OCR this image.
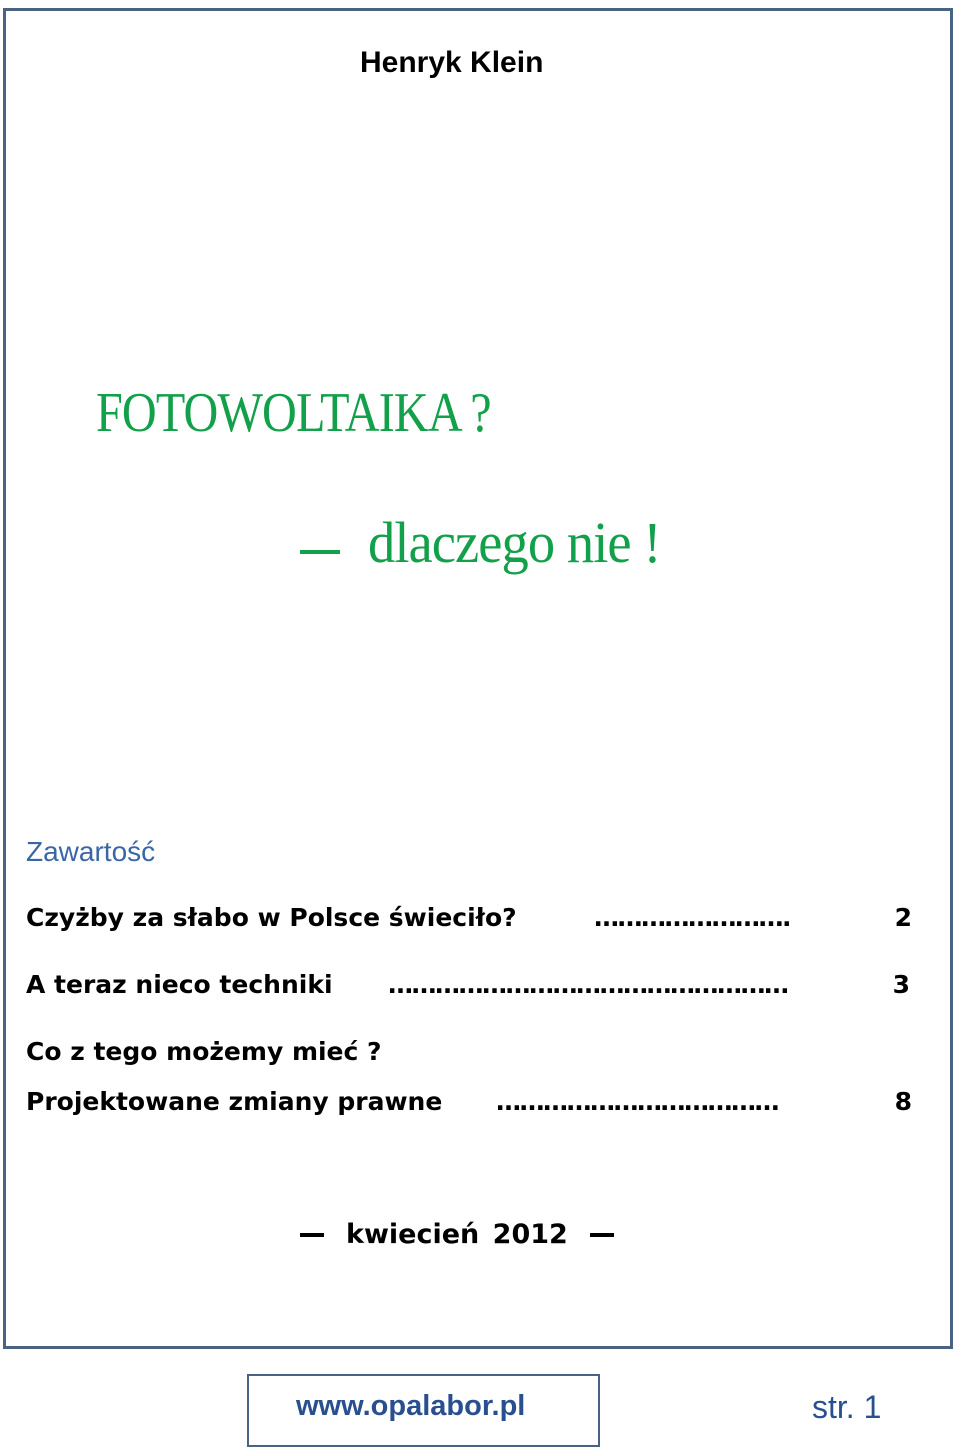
Henryk Klein
FOTOWOLTAIKA ?
dlaczego nie !
Zawartość
Czyżby za słabo w Polsce świeciło?	…………………….	2
A teraz nieco techniki ……………………………………………	3
Co z tego możemy mieć ?
Projektowane zmiany prawne ………………………………	8
kwiecień 2012
www.opalabor.pl	str. 1
